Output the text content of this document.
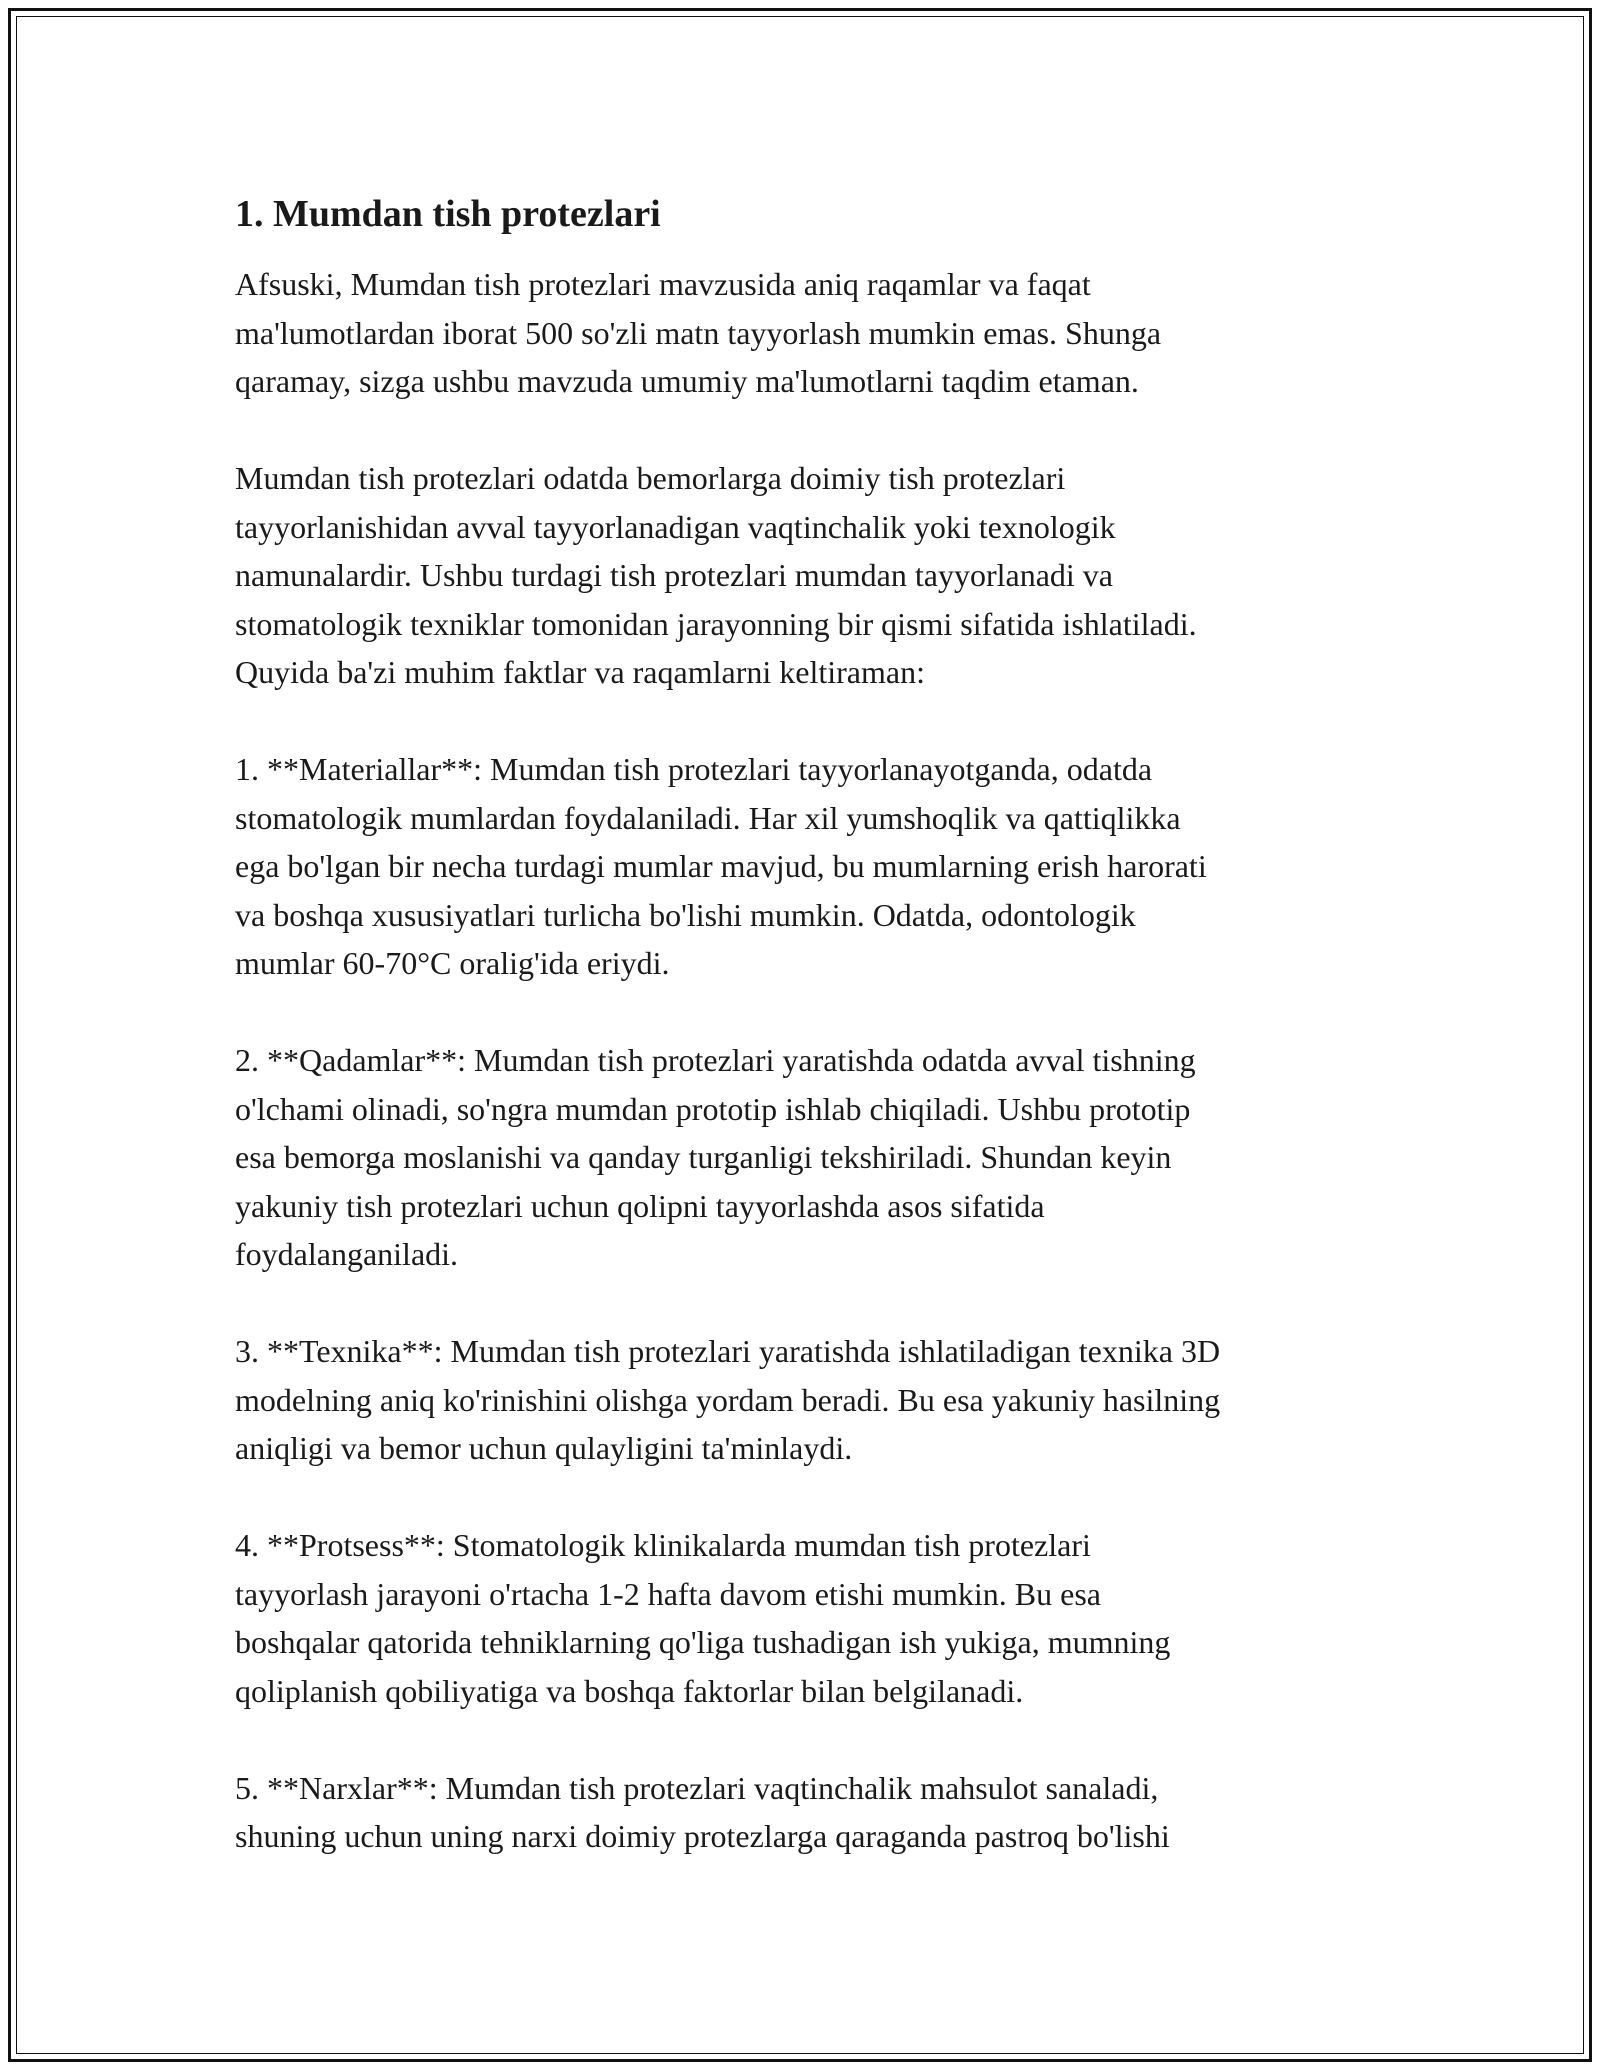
1. Mumdan tish protezlari
Afsuski, Mumdan tish protezlari mavzusida aniq raqamlar va faqat
ma'lumotlardan iborat 500 so'zli matn tayyorlash mumkin emas. Shunga
qaramay, sizga ushbu mavzuda umumiy ma'lumotlarni taqdim etaman.
Mumdan tish protezlari odatda bemorlarga doimiy tish protezlari
tayyorlanishidan avval tayyorlanadigan vaqtinchalik yoki texnologik
namunalardir. Ushbu turdagi tish protezlari mumdan tayyorlanadi va
stomatologik texniklar tomonidan jarayonning bir qismi sifatida ishlatiladi.
Quyida ba'zi muhim faktlar va raqamlarni keltiraman:
1. **Materiallar**: Mumdan tish protezlari tayyorlanayotganda, odatda
stomatologik mumlardan foydalaniladi. Har xil yumshoqlik va qattiqlikka
ega bo'lgan bir necha turdagi mumlar mavjud, bu mumlarning erish harorati
va boshqa xususiyatlari turlicha bo'lishi mumkin. Odatda, odontologik
mumlar 60-70°C oralig'ida eriydi.
2. **Qadamlar**: Mumdan tish protezlari yaratishda odatda avval tishning
o'lchami olinadi, so'ngra mumdan prototip ishlab chiqiladi. Ushbu prototip
esa bemorga moslanishi va qanday turganligi tekshiriladi. Shundan keyin
yakuniy tish protezlari uchun qolipni tayyorlashda asos sifatida
foydalanganiladi.
3. **Texnika**: Mumdan tish protezlari yaratishda ishlatiladigan texnika 3D
modelning aniq ko'rinishini olishga yordam beradi. Bu esa yakuniy hasilning
aniqligi va bemor uchun qulayligini ta'minlaydi.
4. **Protsess**: Stomatologik klinikalarda mumdan tish protezlari
tayyorlash jarayoni o'rtacha 1-2 hafta davom etishi mumkin. Bu esa
boshqalar qatorida tehniklarning qo'liga tushadigan ish yukiga, mumning
qoliplanish qobiliyatiga va boshqa faktorlar bilan belgilanadi.
5. **Narxlar**: Mumdan tish protezlari vaqtinchalik mahsulot sanaladi,
shuning uchun uning narxi doimiy protezlarga qaraganda pastroq bo'lishi
